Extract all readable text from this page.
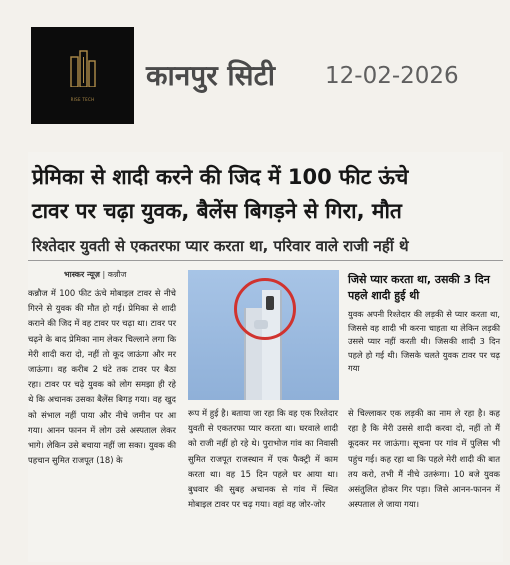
RISE TECH
कानपुर सिटी 12-02-2026
प्रेमिका से शादी करने की जिद में 100 फीट ऊंचे
टावर पर चढ़ा युवक, बैलेंस बिगड़ने से गिरा, मौत
रिश्तेदार युवती से एकतरफा प्यार करता था, परिवार वाले राजी नहीं थे
भास्कर न्यूज़ | कन्नौज

कन्नौज में 100 फीट ऊंचे मोबाइल टावर से नीचे गिरने से युवक की मौत हो गई। प्रेमिका से शादी कराने की जिद में वह टावर पर चढ़ा था। टावर पर चढ़ने के बाद प्रेमिका नाम लेकर चिल्लाने लगा कि मेरी शादी करा दो, नहीं तो कूद जाऊंगा और मर जाऊंगा। वह करीब 2 घंटे तक टावर पर बैठा रहा। टावर पर चढ़े युवक को लोग समझा ही रहे थे कि अचानक उसका बैलेंस बिगड़ गया। वह खुद को संभाल नहीं पाया और नीचे जमीन पर आ गया। आनन फानन में लोग उसे अस्पताल लेकर भागे। लेकिन उसे बचाया नहीं जा सका। युवक की पहचान सुमित राजपूत (18) के

जिसे प्यार करता था, उसकी 3 दिन पहले शादी हुई थी
युवक अपनी रिश्तेदार की लड़की से प्यार करता था, जिससे वह शादी भी करना चाहता था लेकिन लड़की उससे प्यार नहीं करती थी। जिसकी शादी 3 दिन पहले हो गई थी। जिसके चलते युवक टावर पर चढ़ गया

रूप में हुई है। बताया जा रहा कि वह एक रिश्तेदार युवती से एकतरफा प्यार करता था। घरवाले शादी को राजी नहीं हो रहे थे। पुराभोज गांव का निवासी सुमित राजपूत राजस्थान में एक फैक्ट्री में काम करता था। वह 15 दिन पहले घर आया था। बुधवार की सुबह अचानक से गांव में स्थित मोबाइल टावर पर चढ़ गया। वहां वह जोर-जोर

से चिल्लाकर एक लड़की का नाम ले रहा है। कह रहा है कि मेरी उससे शादी करवा दो, नहीं तो मैं कूदकर मर जाऊंगा। सूचना पर गांव में पुलिस भी पहुंच गई। कह रहा था कि पहले मेरी शादी की बात तय करो, तभी मैं नीचे उतरूंगा। 10 बजे युवक असंतुलित होकर गिर पड़ा। जिसे आनन-फानन में अस्पताल ले जाया गया।
